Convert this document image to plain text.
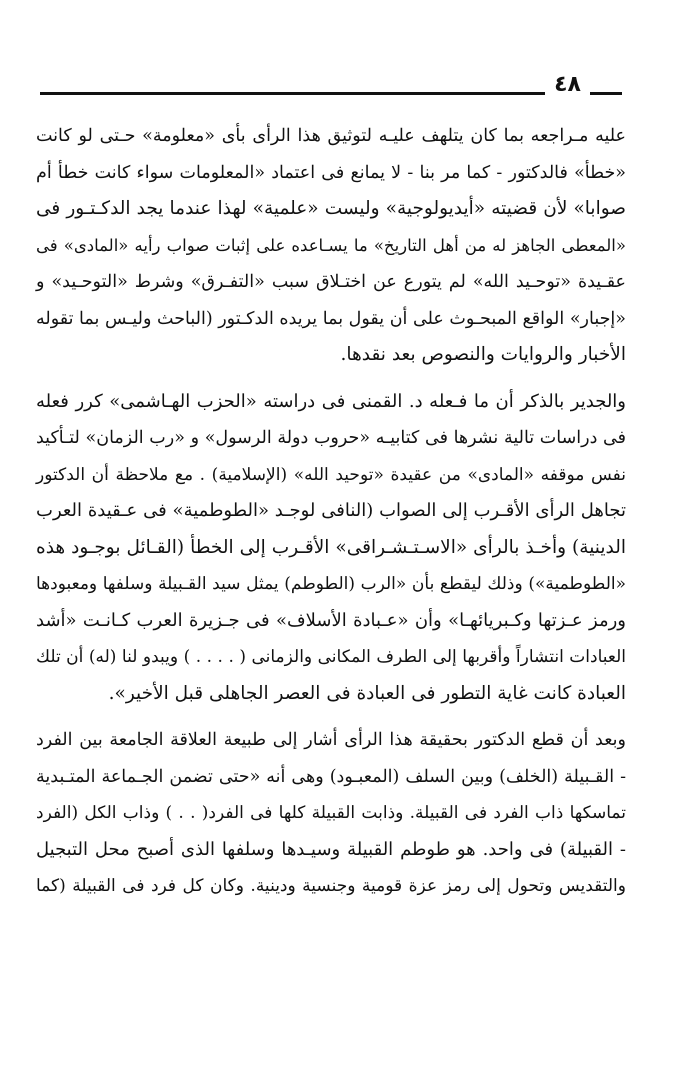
٤٨
عليه مـراجعه بما كان يتلهف عليـه لتوثيق هذا الرأى بأى «معلومة» حـتى لو كانت
«خطأ» فالدكتور - كما مر بنا - لا يمانع فى اعتماد «المعلومات سواء كانت خطأ أم
صوابا» لأن قضيته «أيديولوجية» وليست «علمية» لهذا عندما يجد الدكـتـور فى
«المعطى الجاهز له من أهل التاريخ» ما يسـاعده على إثبات صواب رأيه «المادى» فى
عقـيدة «توحـيد الله» لم يتورع عن اختـلاق سبب «التفـرق» وشرط «التوحـيد» و
«إجبار» الواقع المبحـوث على أن يقول بما يريده الدكـتور (الباحث وليـس بما تقوله
الأخبار والروايات والنصوص بعد نقدها.
والجدير بالذكر أن ما فـعله د. القمنى فى دراسته «الحزب الهـاشمى» كرر فعله
فى دراسات تالية نشرها فى كتابيـه «حروب دولة الرسول» و «رب الزمان» لتـأكيد
نفس موقفه «المادى» من عقيدة «توحيد الله» (الإسلامية) . مع ملاحظة أن الدكتور
تجاهل الرأى الأقـرب إلى الصواب (النافى لوجـد «الطوطمية» فى عـقيدة العرب
الدينية) وأخـذ بالرأى «الاسـتـشـراقى» الأقـرب إلى الخطأ (القـائل بوجـود هذه
«الطوطمية») وذلك ليقطع بأن «الرب (الطوطم) يمثل سيد القـبيلة وسلفها ومعبودها
ورمز عـزتها وكـبريائهـا» وأن «عـبادة الأسلاف» فى جـزيرة العرب كـانـت «أشد
العبادات انتشاراً وأقربها إلى الطرف المكانى والزمانى ( . . . . ) ويبدو لنا (له) أن تلك
العبادة كانت غاية التطور فى العبادة فى العصر الجاهلى قبل الأخير».
وبعد أن قطع الدكتور بحقيقة هذا الرأى أشار إلى طبيعة العلاقة الجامعة بين الفرد
- القـبيلة (الخلف) وبين السلف (المعبـود) وهى أنه «حتى تضمن الجـماعة المتـبدية
تماسكها ذاب الفرد فى القبيلة. وذابت القبيلة كلها فى الفرد( . . ) وذاب الكل (الفرد
- القبيلة) فى واحد. هو طوطم القبيلة وسيـدها وسلفها الذى أصبح محل التبجيل
والتقديس وتحول إلى رمز عزة قومية وجنسية ودينية. وكان كل فرد فى القبيلة (كما
